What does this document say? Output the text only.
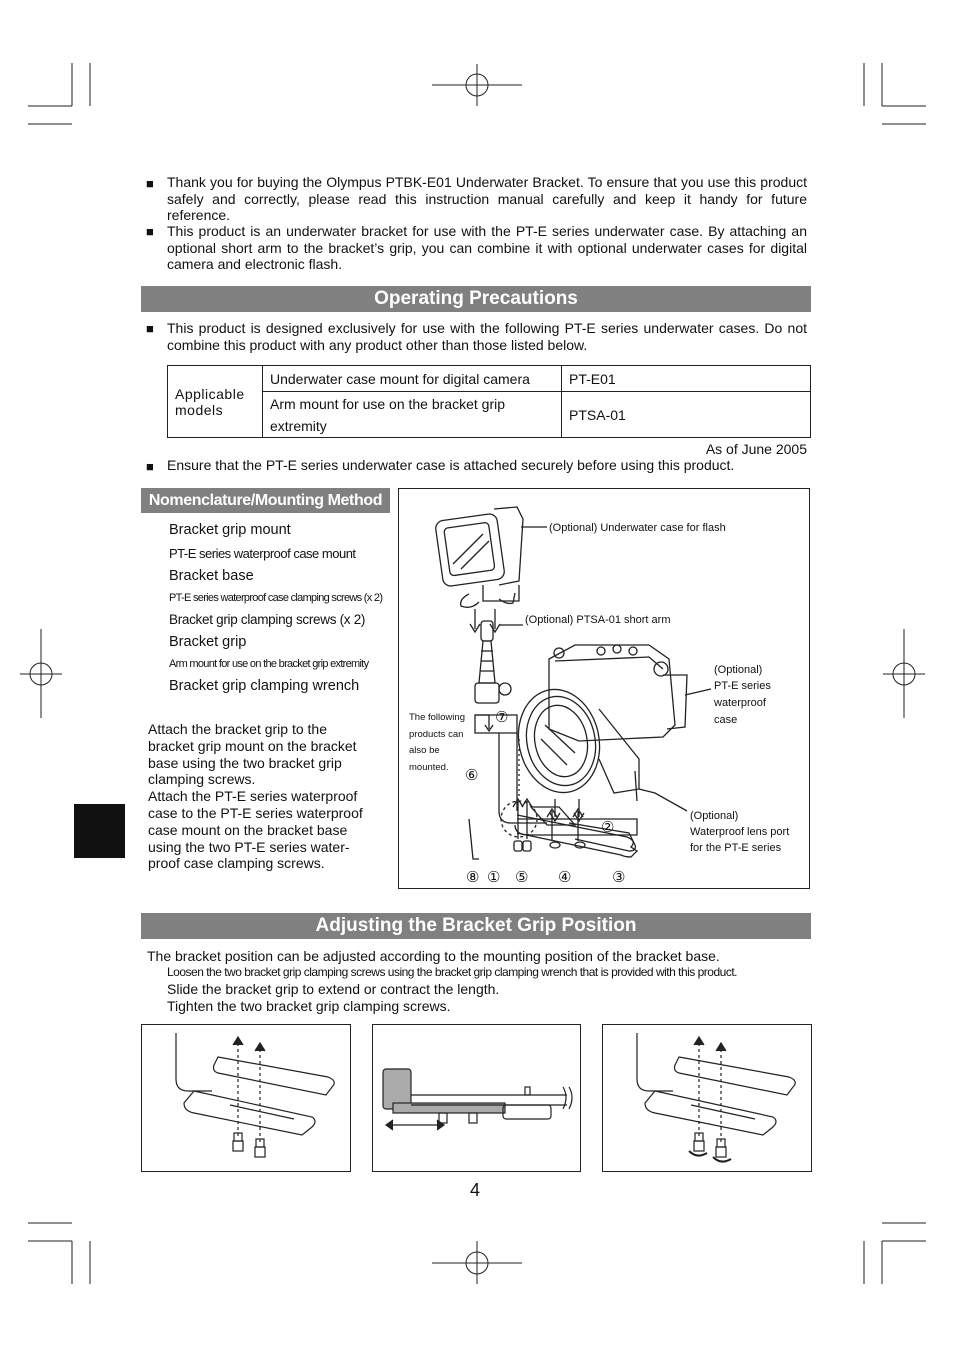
■ Thank you for buying the Olympus PTBK-E01 Underwater Bracket. To ensure that you use this product safely and correctly, please read this instruction manual carefully and keep it handy for future reference.
■ This product is an underwater bracket for use with the PT-E series underwater case. By attaching an optional short arm to the bracket’s grip, you can combine it with optional underwater cases for digital camera and electronic flash.
Operating Precautions
■ This product is designed exclusively for use with the following PT-E series underwater cases. Do not combine this product with any product other than those listed below.
Applicable models	Underwater case mount for digital camera	PT-E01
	Arm mount for use on the bracket grip extremity	PTSA-01
As of June 2005
■ Ensure that the PT-E series underwater case is attached securely before using this product.
Nomenclature/Mounting Method
Bracket grip mount
PT-E series waterproof case mount
Bracket base
PT-E series waterproof case clamping screws (x 2)
Bracket grip clamping screws (x 2)
Bracket grip
Arm mount for use on the bracket grip extremity
Bracket grip clamping wrench
Attach the bracket grip to the
bracket grip mount on the bracket
base using the two bracket grip
clamping screws.
Attach the PT-E series waterproof
case to the PT-E series waterproof
case mount on the bracket base
using the two PT-E series water-
proof case clamping screws.
(Optional) Underwater case for flash
(Optional) PTSA-01 short arm
(Optional)
PT-E series
waterproof
case
(Optional)
Waterproof lens port
for the PT-E series
The following
products can
also be
mounted.
⑦
⑥
②
⑧ ① ⑤ ④	③
Adjusting the Bracket Grip Position
The bracket position can be adjusted according to the mounting position of the bracket base.
Loosen the two bracket grip clamping screws using the bracket grip clamping wrench that is provided with this product.
Slide the bracket grip to extend or contract the length.
Tighten the two bracket grip clamping screws.
4
